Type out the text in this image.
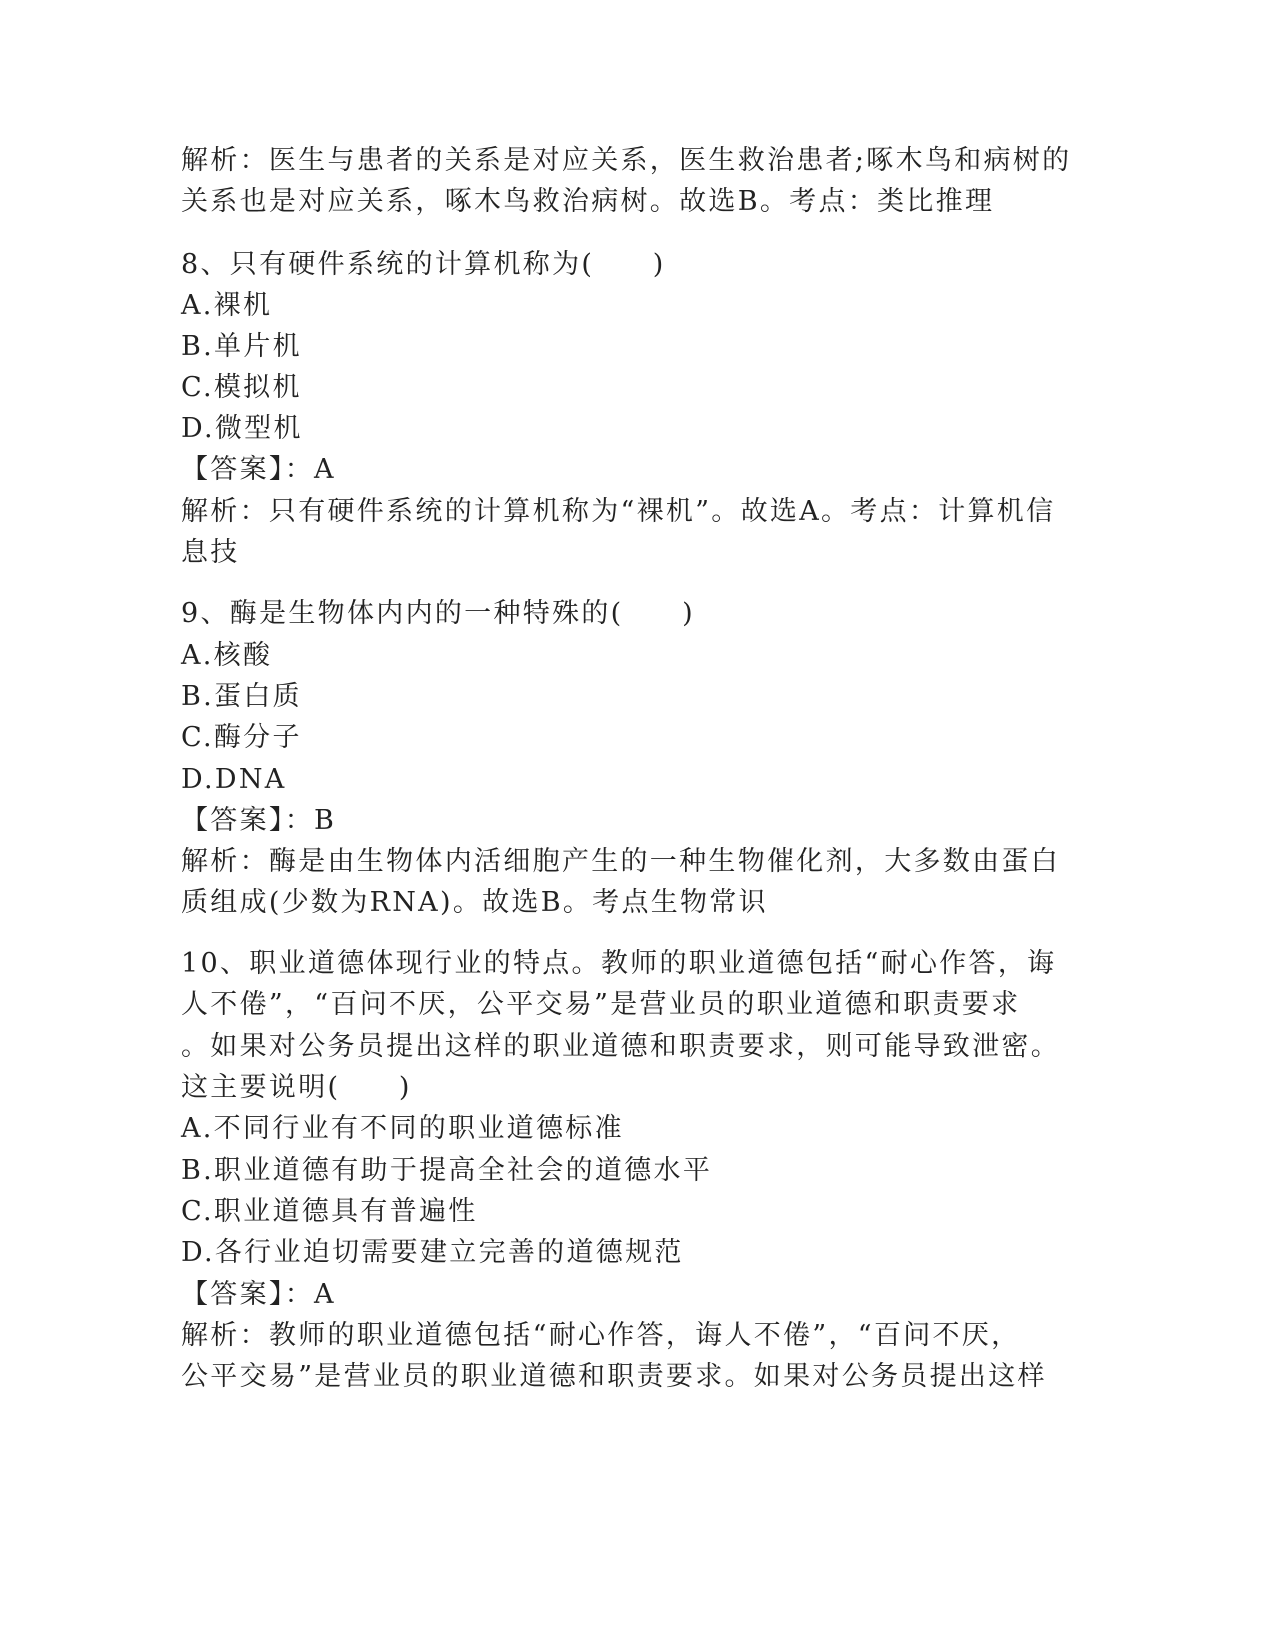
解析：医生与患者的关系是对应关系，医生救治患者;啄木鸟和病树的
关系也是对应关系，啄木鸟救治病树。故选B。考点：类比推理
8、只有硬件系统的计算机称为(　　)
A.裸机
B.单片机
C.模拟机
D.微型机
【答案】：A
解析：只有硬件系统的计算机称为“裸机”。故选A。考点：计算机信
息技
9、酶是生物体内内的一种特殊的(　　)
A.核酸
B.蛋白质
C.酶分子
D.DNA
【答案】：B
解析：酶是由生物体内活细胞产生的一种生物催化剂，大多数由蛋白
质组成(少数为RNA)。故选B。考点生物常识
10、职业道德体现行业的特点。教师的职业道德包括“耐心作答，诲
人不倦”，“百问不厌，公平交易”是营业员的职业道德和职责要求
。如果对公务员提出这样的职业道德和职责要求，则可能导致泄密。
这主要说明(　　)
A.不同行业有不同的职业道德标准
B.职业道德有助于提高全社会的道德水平
C.职业道德具有普遍性
D.各行业迫切需要建立完善的道德规范
【答案】：A
解析：教师的职业道德包括“耐心作答，诲人不倦”，“百问不厌，
公平交易”是营业员的职业道德和职责要求。如果对公务员提出这样
